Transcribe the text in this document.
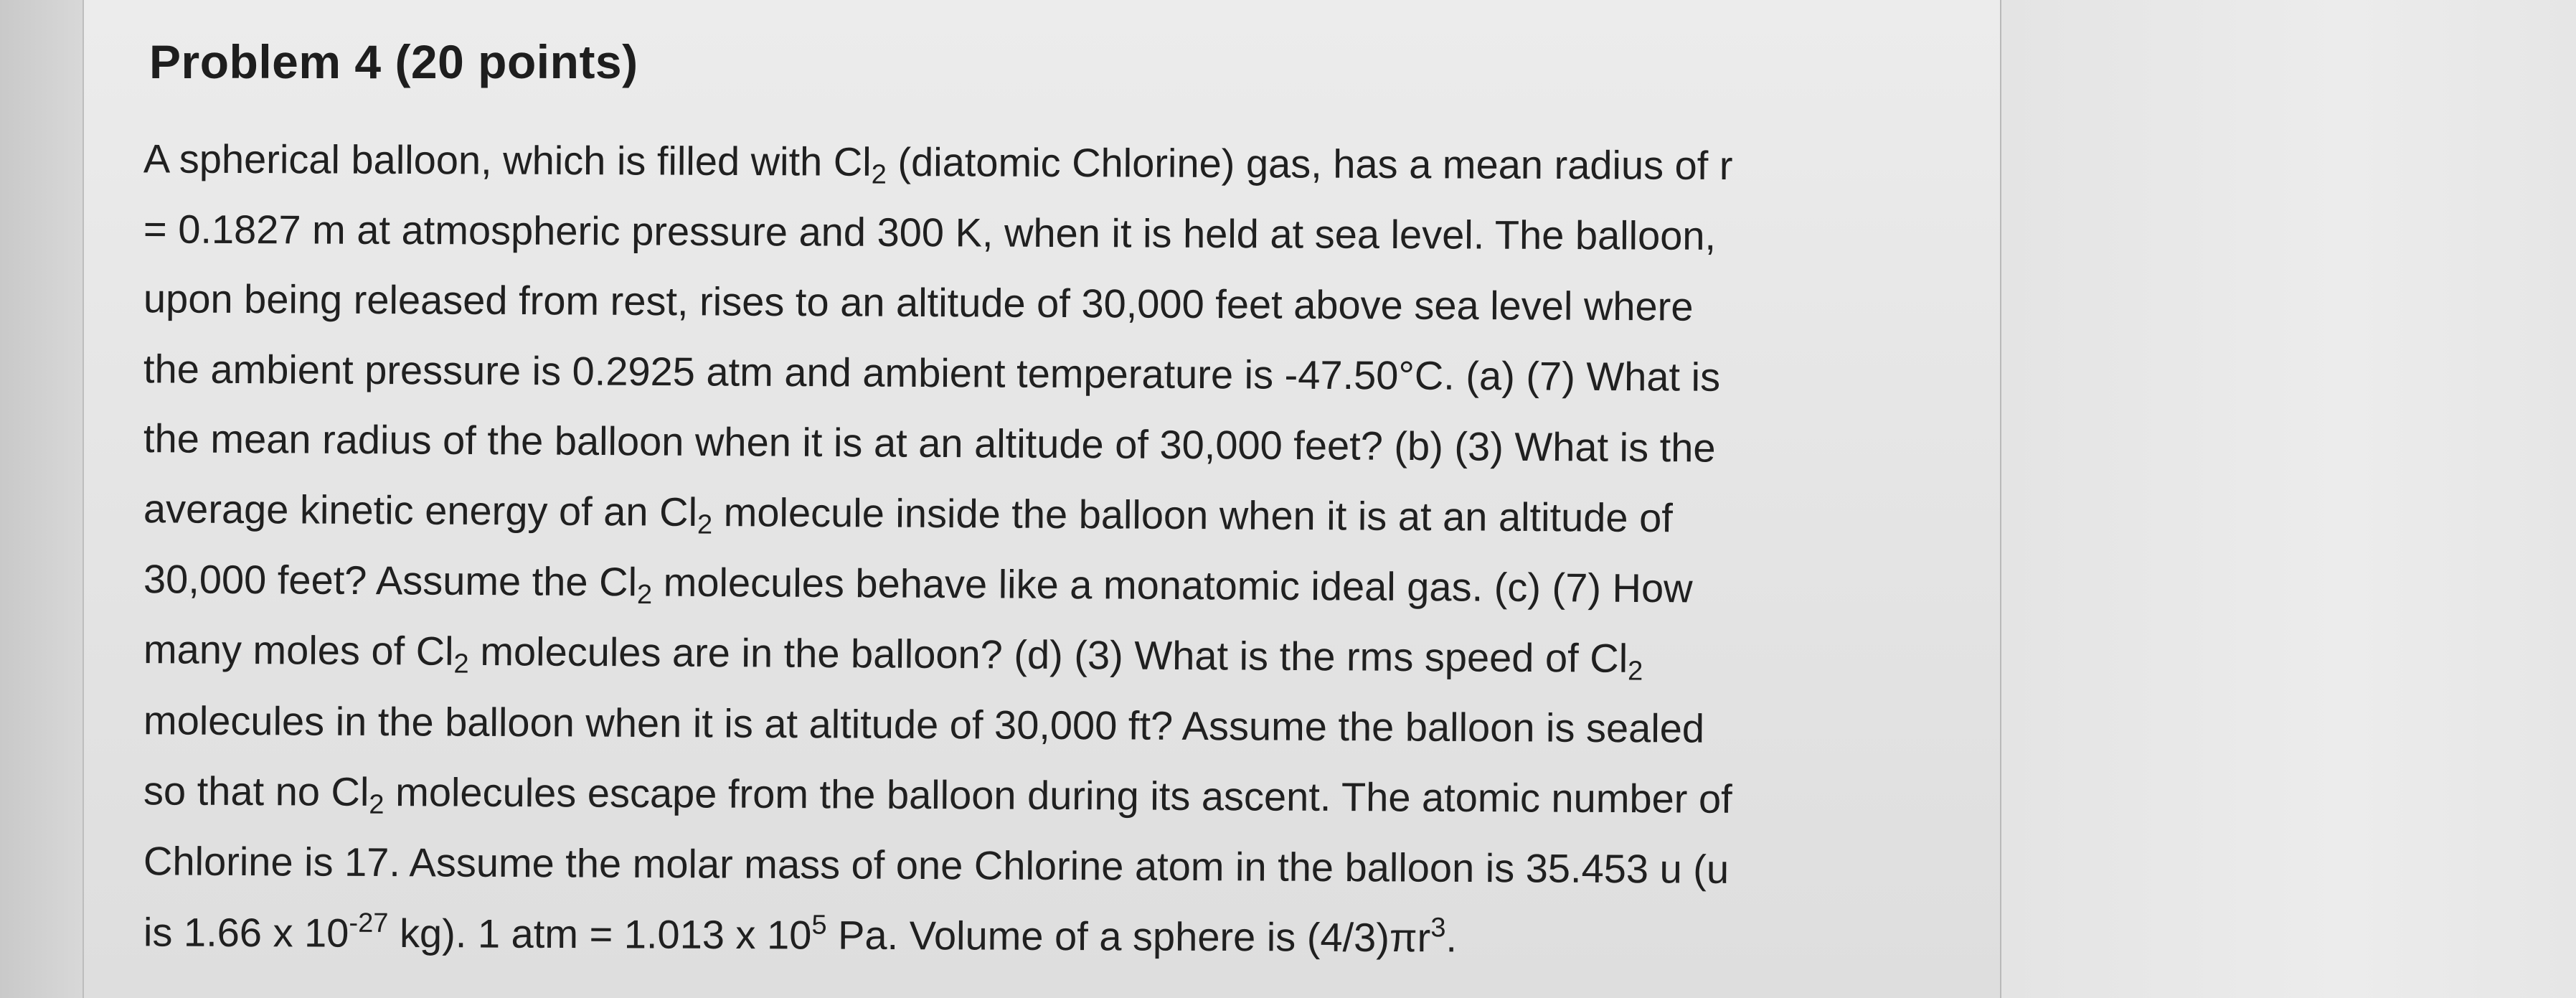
Problem 4 (20 points)
A spherical balloon, which is filled with $Cl_2$ (diatomic Chlorine) gas, has a mean radius of r
= 0.1827 m at atmospheric pressure and 300 K, when it is held at sea level. The balloon,
upon being released from rest, rises to an altitude of 30,000 feet above sea level where
the ambient pressure is 0.2925 atm and ambient temperature is -47.50°C. (a) (7) What is
the mean radius of the balloon when it is at an altitude of 30,000 feet? (b) (3) What is the
average kinetic energy of an $Cl_2$ molecule inside the balloon when it is at an altitude of
30,000 feet? Assume the $Cl_2$ molecules behave like a monatomic ideal gas. (c) (7) How
many moles of $Cl_2$ molecules are in the balloon? (d) (3) What is the rms speed of $Cl_2$
molecules in the balloon when it is at altitude of 30,000 ft? Assume the balloon is sealed
so that no $Cl_2$ molecules escape from the balloon during its ascent. The atomic number of
Chlorine is 17. Assume the molar mass of one Chlorine atom in the balloon is 35.453 u (u
is 1.66 x $10^{-27}$ kg). 1 atm = 1.013 x $10^5$ Pa. Volume of a sphere is $(4/3)\pi r^3$.
